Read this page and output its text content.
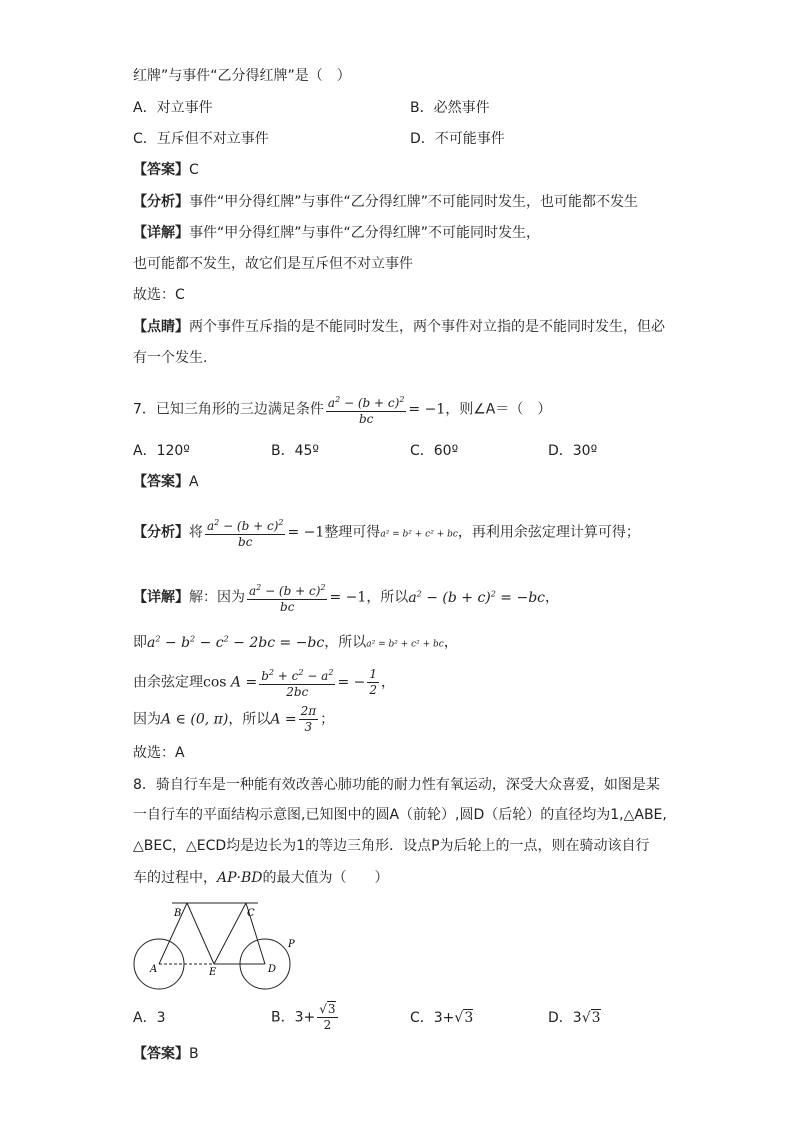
红牌”与事件“乙分得红牌”是（　）
A．对立事件	B．必然事件
C．互斥但不对立事件	D．不可能事件
【答案】C
【分析】事件“甲分得红牌”与事件“乙分得红牌”不可能同时发生，也可能都不发生
【详解】事件“甲分得红牌”与事件“乙分得红牌”不可能同时发生，
也可能都不发生，故它们是互斥但不对立事件
故选：C
【点睛】两个事件互斥指的是不能同时发生，两个事件对立指的是不能同时发生，但必
有一个发生.
7．已知三角形的三边满足条件 $\frac{a^2 - (b + c)^2}{bc} = -1$，则∠A＝（　）
A．120º	B．45º	C．60º	D．30º
【答案】A
【分析】将 $\frac{a^2 - (b + c)^2}{bc} = -1$整理可得a² = b² + c² + bc，再利用余弦定理计算可得；
【详解】解：因为 $\frac{a^2 - (b + c)^2}{bc} = -1$，所以$a^2 - (b + c)^2 = -bc$，
即$a^2 - b^2 - c^2 - 2bc = -bc$，所以a² = b² + c² + bc，
由余弦定理$\cos A = \frac{b^2 + c^2 - a^2}{2bc}$ = − $\frac{1}{2}$ ，
因为A ∈ (0, π)，所以$A = \frac{2\pi}{3}$ ；
故选：A
8．骑自行车是一种能有效改善心肺功能的耐力性有氧运动，深受大众喜爱，如图是某
一自行车的平面结构示意图,已知图中的圆A（前轮）,圆D（后轮）的直径均为1,△ABE,
△BEC，△ECD均是边长为1的等边三角形．设点P为后轮上的一点，则在骑动该自行
车的过程中，AP·BD的最大值为（　　）
B	C
A	E	D
P
A．3	B．$3+ \frac{√3}{2}$	C．3+√3	D．3√3
【答案】B
